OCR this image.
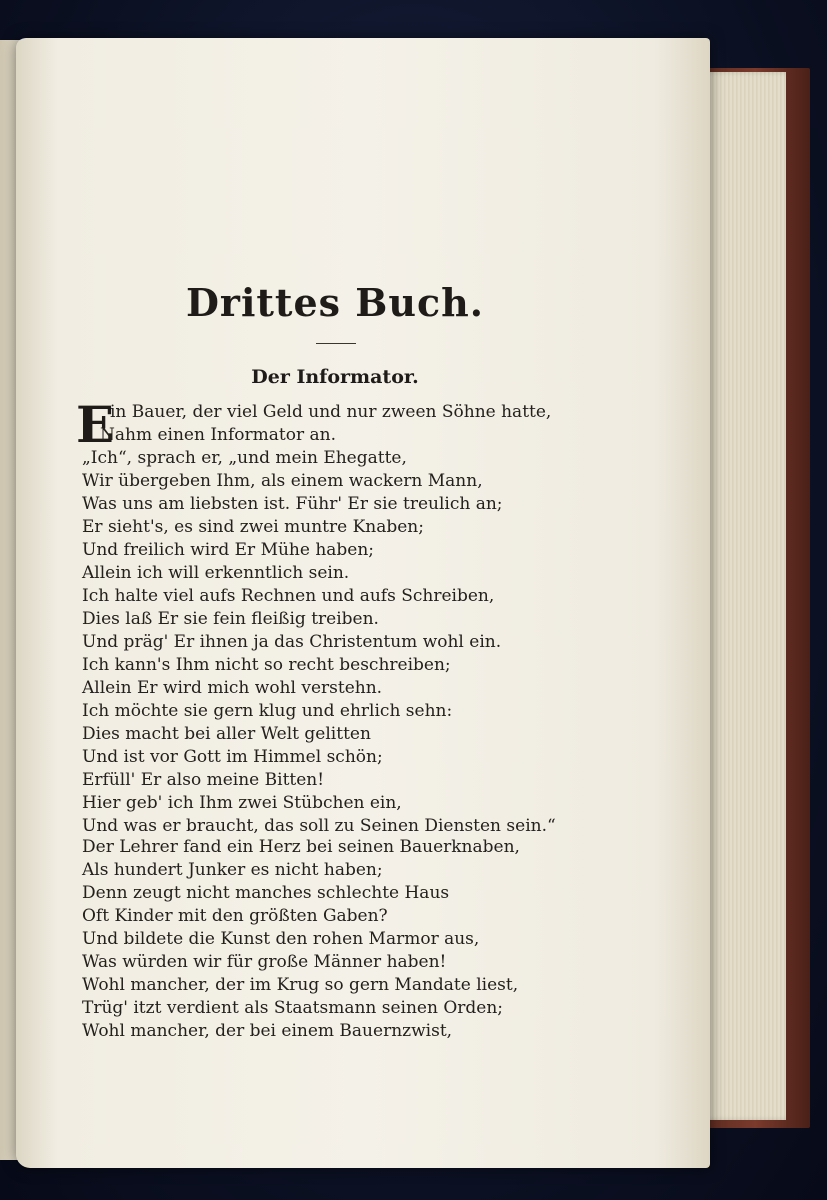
Drittes Buch.
Der Informator.
E
in Bauer, der viel Geld und nur zween Söhne hatte,
Nahm einen Informator an.
„Ich“, sprach er, „und mein Ehegatte,
Wir übergeben Ihm, als einem wackern Mann,
Was uns am liebsten ist. Führ' Er sie treulich an;
Er sieht's, es sind zwei muntre Knaben;
Und freilich wird Er Mühe haben;
Allein ich will erkenntlich sein.
Ich halte viel aufs Rechnen und aufs Schreiben,
Dies laß Er sie fein fleißig treiben.
Und präg' Er ihnen ja das Christentum wohl ein.
Ich kann's Ihm nicht so recht beschreiben;
Allein Er wird mich wohl verstehn.
Ich möchte sie gern klug und ehrlich sehn:
Dies macht bei aller Welt gelitten
Und ist vor Gott im Himmel schön;
Erfüll' Er also meine Bitten!
Hier geb' ich Ihm zwei Stübchen ein,
Und was er braucht, das soll zu Seinen Diensten sein.“
Der Lehrer fand ein Herz bei seinen Bauerknaben,
Als hundert Junker es nicht haben;
Denn zeugt nicht manches schlechte Haus
Oft Kinder mit den größten Gaben?
Und bildete die Kunst den rohen Marmor aus,
Was würden wir für große Männer haben!
Wohl mancher, der im Krug so gern Mandate liest,
Trüg' itzt verdient als Staatsmann seinen Orden;
Wohl mancher, der bei einem Bauernzwist,
